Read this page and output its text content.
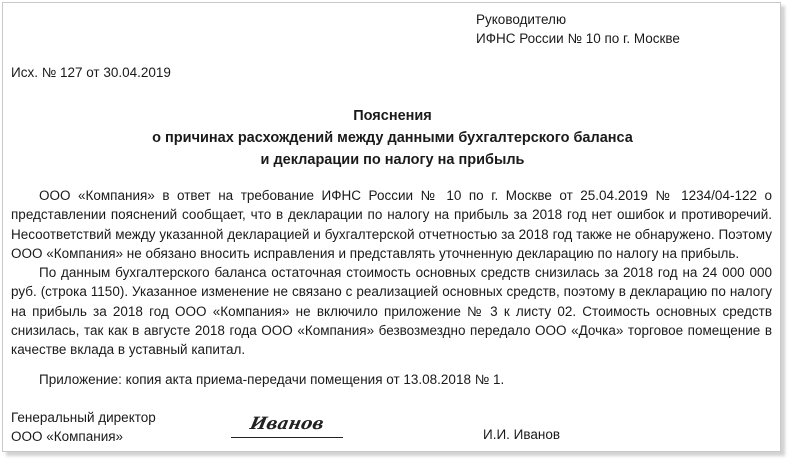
Руководителю
ИФНС России № 10 по г. Москве
Исх. № 127 от 30.04.2019
Пояснения
о причинах расхождений между данными бухгалтерского баланса
и декларации по налогу на прибыль

ООО «Компания» в ответ на требование ИФНС России № 10 по г. Москве от 25.04.2019 № 1234/04-122 о представлении пояснений сообщает, что в декларации по налогу на прибыль за 2018 год нет ошибок и противоречий. Несоответствий между указанной декларацией и бухгалтерской отчетностью за 2018 год также не обнаружено. Поэтому ООО «Компания» не обязано вносить исправления и представлять уточненную декларацию по налогу на прибыль.

По данным бухгалтерского баланса остаточная стоимость основных средств снизилась за 2018 год на 24 000 000 руб. (строка 1150). Указанное изменение не связано с реализацией основных средств, поэтому в декларацию по налогу на прибыль за 2018 год ООО «Компания» не включило приложение № 3 к листу 02. Стоимость основных средств снизилась, так как в августе 2018 года ООО «Компания» безвозмездно передало ООО «Дочка» торговое помещение в качестве вклада в уставный капитал.

Приложение: копия акта приема-передачи помещения от 13.08.2018 № 1.
Генеральный директор
ООО «Компания»
Иванов
И.И. Иванов
